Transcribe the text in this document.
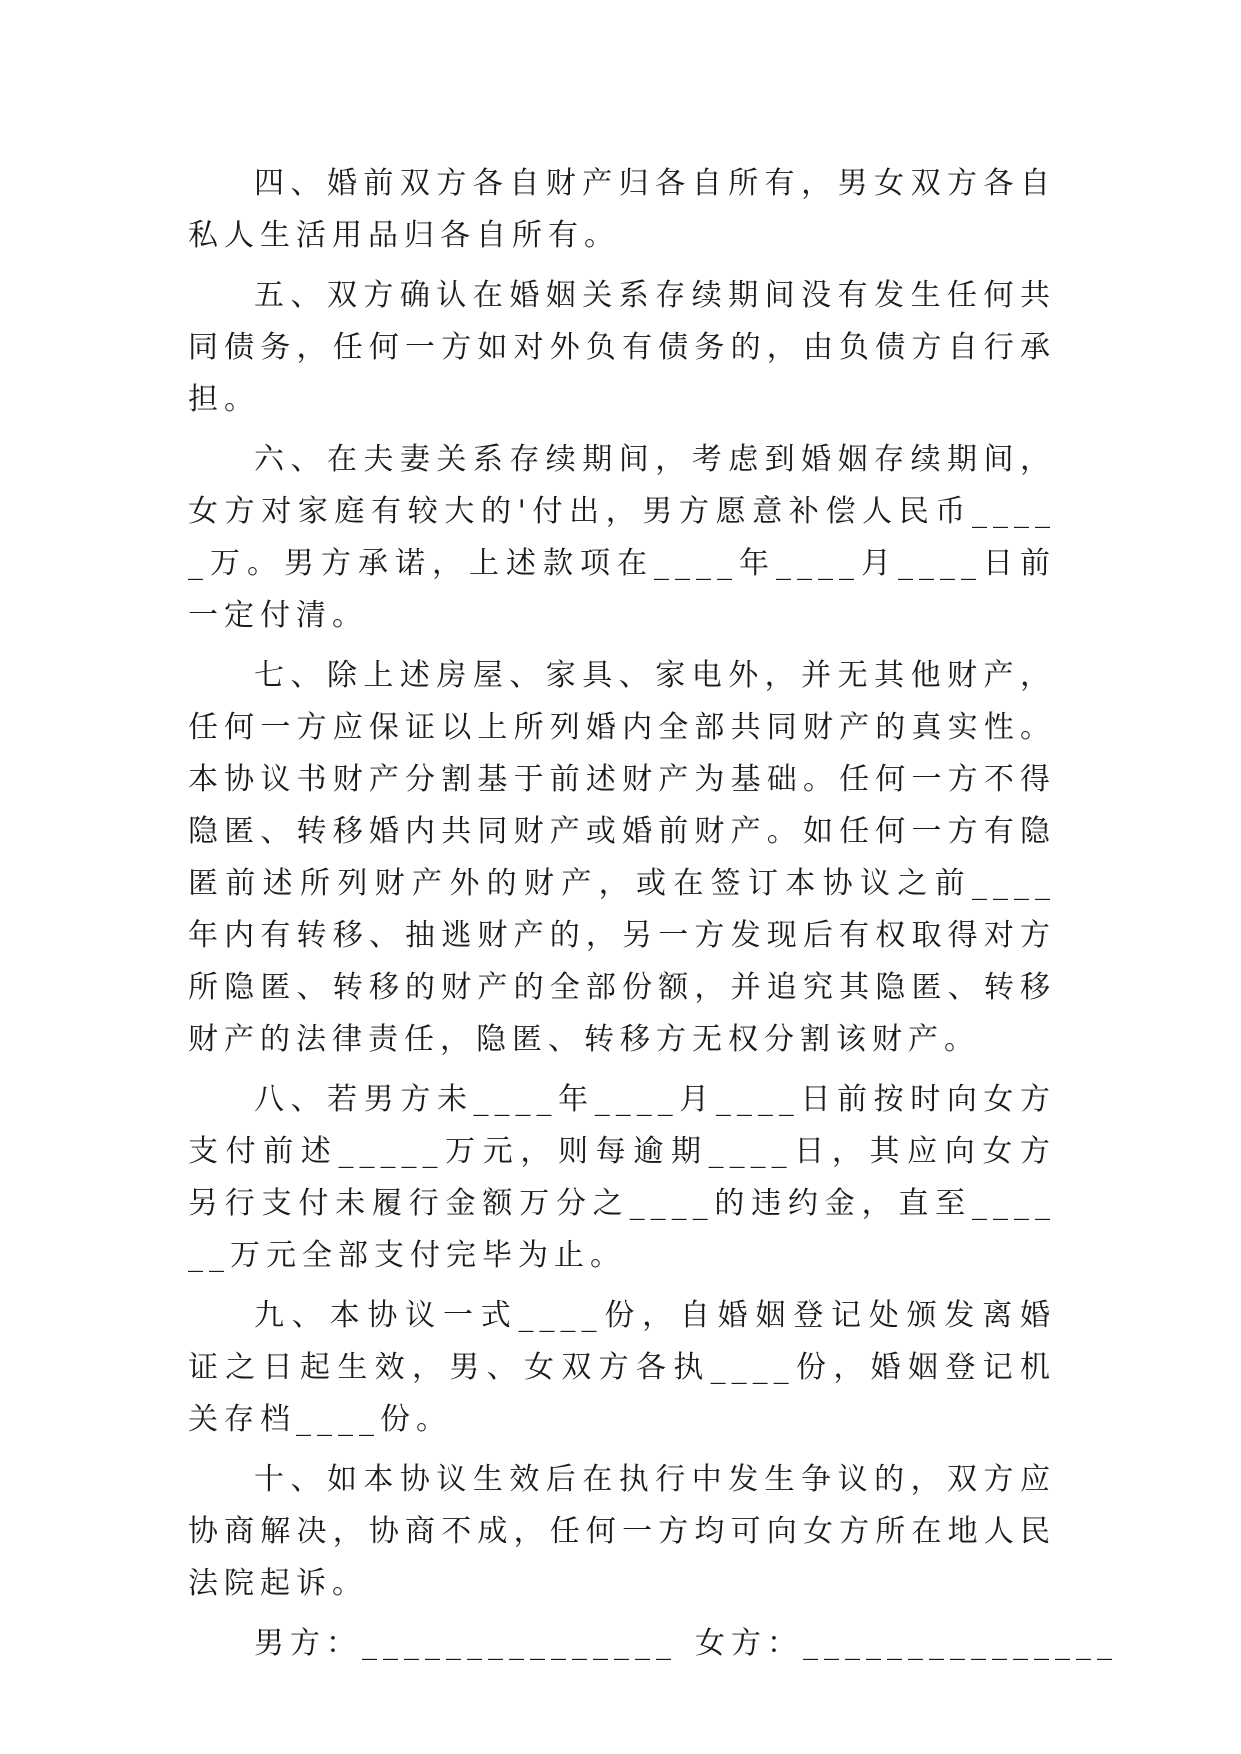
四、婚前双方各自财产归各自所有，男女双方各自私人生活用品归各自所有。

五、双方确认在婚姻关系存续期间没有发生任何共同债务，任何一方如对外负有债务的，由负债方自行承担。

六、在夫妻关系存续期间，考虑到婚姻存续期间，女方对家庭有较大的'付出，男方愿意补偿人民币_____万。男方承诺，上述款项在____年____月____日前一定付清。

七、除上述房屋、家具、家电外，并无其他财产，任何一方应保证以上所列婚内全部共同财产的真实性。本协议书财产分割基于前述财产为基础。任何一方不得隐匿、转移婚内共同财产或婚前财产。如任何一方有隐匿前述所列财产外的财产，或在签订本协议之前____年内有转移、抽逃财产的，另一方发现后有权取得对方所隐匿、转移的财产的全部份额，并追究其隐匿、转移财产的法律责任，隐匿、转移方无权分割该财产。

八、若男方未____年____月____日前按时向女方支付前述_____万元，则每逾期____日，其应向女方另行支付未履行金额万分之____的违约金，直至______万元全部支付完毕为止。

九、本协议一式____份，自婚姻登记处颁发离婚证之日起生效，男、女双方各执____份，婚姻登记机关存档____份。

十、如本协议生效后在执行中发生争议的，双方应协商解决，协商不成，任何一方均可向女方所在地人民法院起诉。

男方：_______________ 女方：_______________
